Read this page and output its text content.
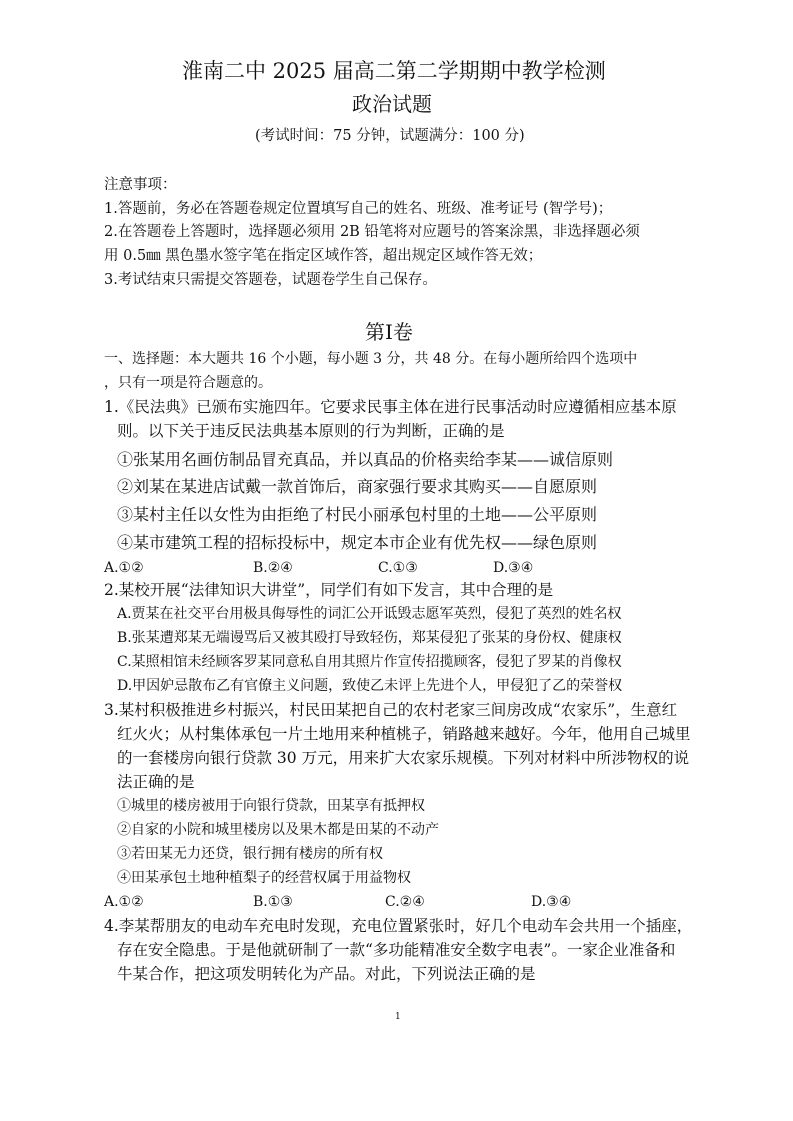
淮南二中 2025 届高二第二学期期中教学检测
政治试题
(考试时间：75 分钟，试题满分：100 分)
注意事项：
1.答题前，务必在答题卷规定位置填写自己的姓名、班级、准考证号 (智学号)；
2.在答题卷上答题时，选择题必须用 2B 铅笔将对应题号的答案涂黑，非选择题必须
用 0.5㎜ 黑色墨水签字笔在指定区域作答，超出规定区域作答无效；
3.考试结束只需提交答题卷，试题卷学生自己保存。
第Ⅰ卷
一、选择题：本大题共 16 个小题，每小题 3 分，共 48 分。在每小题所给四个选项中
，只有一项是符合题意的。
1.《民法典》已颁布实施四年。它要求民事主体在进行民事活动时应遵循相应基本原
则。以下关于违反民法典基本原则的行为判断，正确的是
①张某用名画仿制品冒充真品，并以真品的价格卖给李某——诚信原则
②刘某在某进店试戴一款首饰后，商家强行要求其购买——自愿原则
③某村主任以女性为由拒绝了村民小丽承包村里的土地——公平原则
④某市建筑工程的招标投标中，规定本市企业有优先权——绿色原则
A.①②	B.②④	C.①③	D.③④
2.某校开展“法律知识大讲堂”，同学们有如下发言，其中合理的是
A.贾某在社交平台用极具侮辱性的词汇公开诋毁志愿军英烈，侵犯了英烈的姓名权
B.张某遭郑某无端谩骂后又被其殴打导致轻伤，郑某侵犯了张某的身份权、健康权
C.某照相馆未经顾客罗某同意私自用其照片作宣传招揽顾客，侵犯了罗某的肖像权
D.甲因妒忌散布乙有官僚主义问题，致使乙未评上先进个人，甲侵犯了乙的荣誉权
3.某村积极推进乡村振兴，村民田某把自己的农村老家三间房改成“农家乐”，生意红
红火火；从村集体承包一片土地用来种植桃子，销路越来越好。今年，他用自己城里
的一套楼房向银行贷款 30 万元，用来扩大农家乐规模。下列对材料中所涉物权的说
法正确的是
①城里的楼房被用于向银行贷款，田某享有抵押权
②自家的小院和城里楼房以及果木都是田某的不动产
③若田某无力还贷，银行拥有楼房的所有权
④田某承包土地种植梨子的经营权属于用益物权
A.①②	B.①③	C.②④	D.③④
4.李某帮朋友的电动车充电时发现，充电位置紧张时，好几个电动车会共用一个插座，
存在安全隐患。于是他就研制了一款“多功能精准安全数字电表”。一家企业准备和
牛某合作，把这项发明转化为产品。对此，下列说法正确的是
1
